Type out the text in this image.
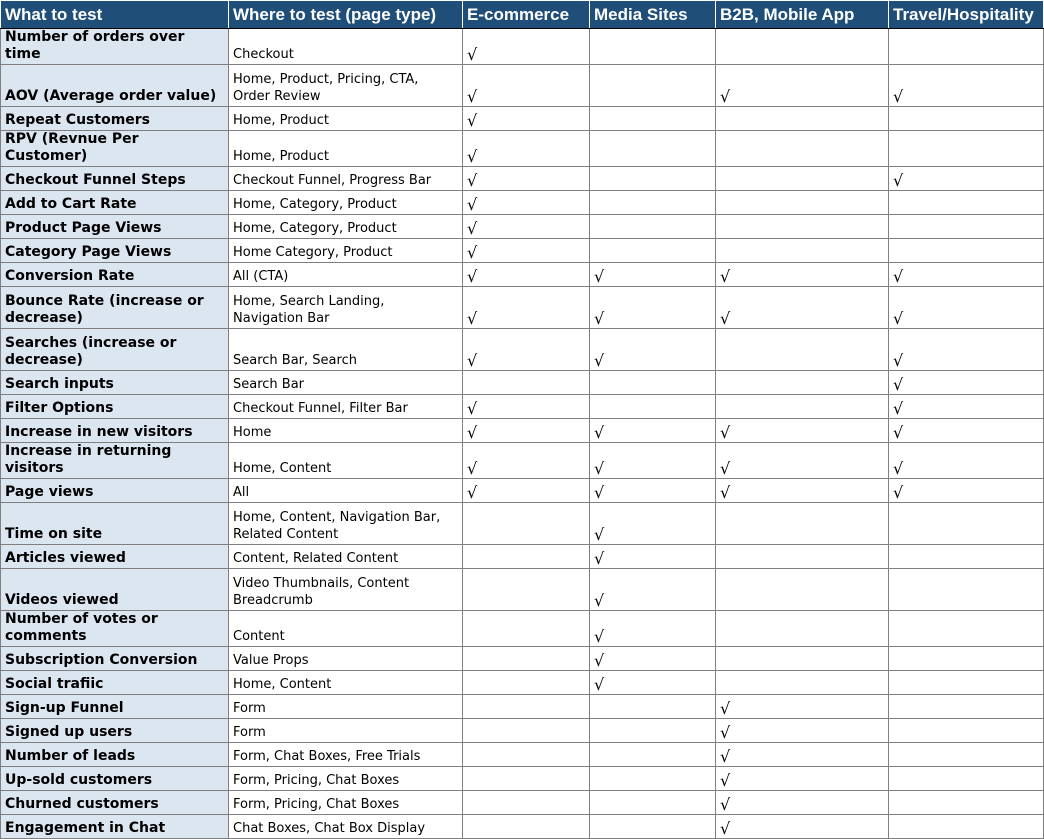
What to test	Where to test (page type)	E-commerce	Media Sites	B2B, Mobile App	Travel/Hospitality
Number of orders over time	Checkout	√			
AOV (Average order value)	Home, Product, Pricing, CTA, Order Review	√		√	√
Repeat Customers	Home, Product	√			
RPV (Revnue Per Customer)	Home, Product	√			
Checkout Funnel Steps	Checkout Funnel, Progress Bar	√			√
Add to Cart Rate	Home, Category, Product	√			
Product Page Views	Home, Category, Product	√			
Category Page Views	Home Category, Product	√			
Conversion Rate	All (CTA)	√	√	√	√
Bounce Rate (increase or decrease)	Home, Search Landing, Navigation Bar	√	√	√	√
Searches (increase or decrease)	Search Bar, Search	√	√		√
Search inputs	Search Bar				√
Filter Options	Checkout Funnel, Filter Bar	√			√
Increase in new visitors	Home	√	√	√	√
Increase in returning visitors	Home, Content	√	√	√	√
Page views	All	√	√	√	√
Time on site	Home, Content, Navigation Bar, Related Content		√		
Articles viewed	Content, Related Content		√		
Videos viewed	Video Thumbnails, Content Breadcrumb		√		
Number of votes or comments	Content		√		
Subscription Conversion	Value Props		√		
Social trafiic	Home, Content		√		
Sign-up Funnel	Form			√	
Signed up users	Form			√	
Number of leads	Form, Chat Boxes, Free Trials			√	
Up-sold customers	Form, Pricing, Chat Boxes			√	
Churned customers	Form, Pricing, Chat Boxes			√	
Engagement in Chat	Chat Boxes, Chat Box Display			√	
